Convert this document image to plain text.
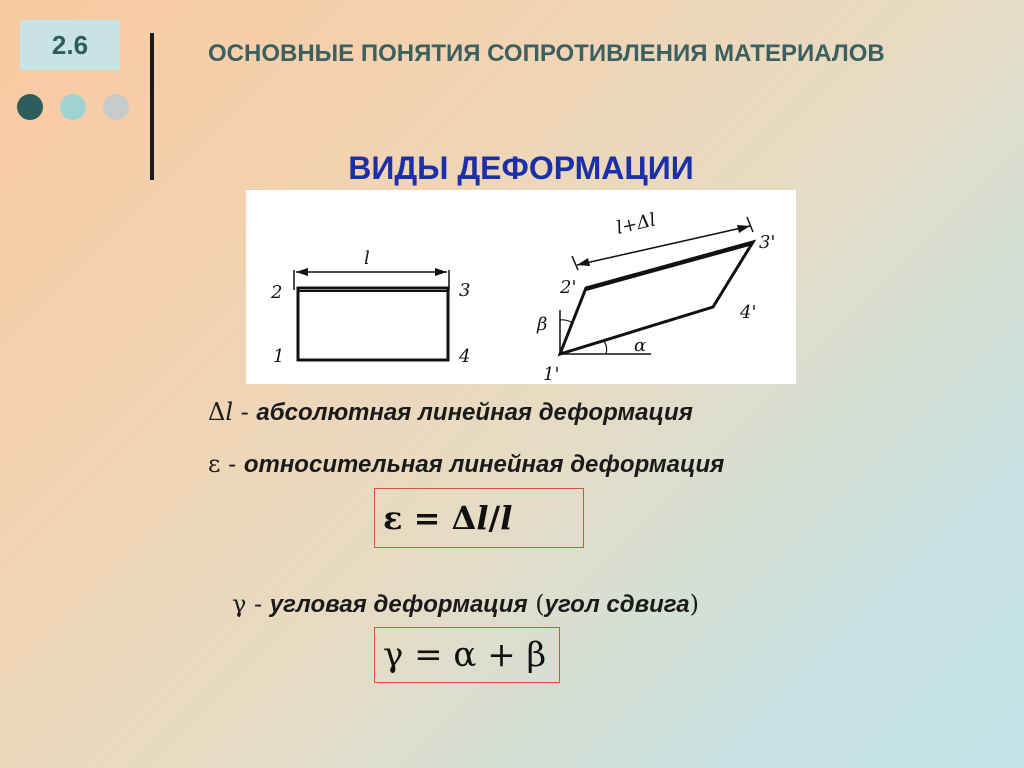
2.6	ОСНОВНЫЕ ПОНЯТИЯ СОПРОТИВЛЕНИЯ МАТЕРИАЛОВ
ВИДЫ ДЕФОРМАЦИИ
l
2	3
1	4
l+Δl
2'
3'
4'
1'
α
β
Δl - абсолютная линейная деформация
ε - относительная линейная деформация
ε = Δ l / l
γ - угловая деформация (угол сдвига)
γ = α + β
